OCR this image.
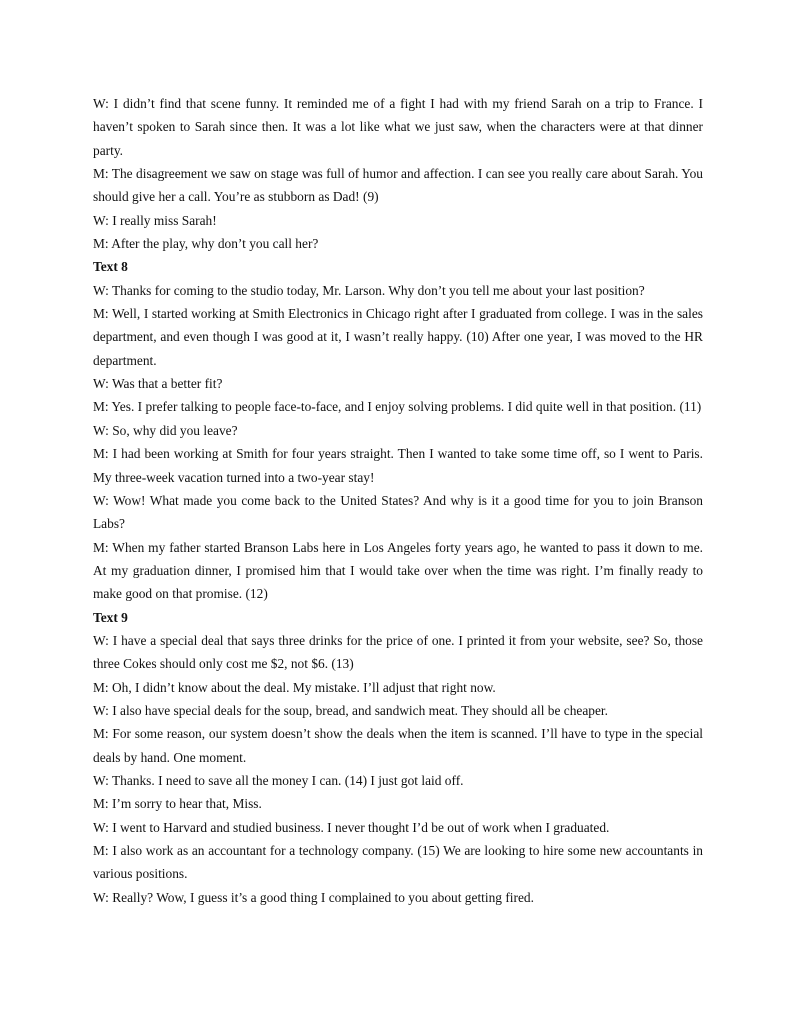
W: I didn’t find that scene funny. It reminded me of a fight I had with my friend Sarah on a trip to France. I haven’t spoken to Sarah since then. It was a lot like what we just saw, when the characters were at that dinner party.

M: The disagreement we saw on stage was full of humor and affection. I can see you really care about Sarah. You should give her a call. You’re as stubborn as Dad! (9)

W: I really miss Sarah!

M: After the play, why don’t you call her?

Text 8

W: Thanks for coming to the studio today, Mr. Larson. Why don’t you tell me about your last position?

M: Well, I started working at Smith Electronics in Chicago right after I graduated from college. I was in the sales department, and even though I was good at it, I wasn’t really happy. (10) After one year, I was moved to the HR department.

W: Was that a better fit?

M: Yes. I prefer talking to people face-to-face, and I enjoy solving problems. I did quite well in that position. (11)

W: So, why did you leave?

M: I had been working at Smith for four years straight. Then I wanted to take some time off, so I went to Paris. My three-week vacation turned into a two-year stay!

W: Wow! What made you come back to the United States? And why is it a good time for you to join Branson Labs?

M: When my father started Branson Labs here in Los Angeles forty years ago, he wanted to pass it down to me. At my graduation dinner, I promised him that I would take over when the time was right. I’m finally ready to make good on that promise. (12)

Text 9

W: I have a special deal that says three drinks for the price of one. I printed it from your website, see? So, those three Cokes should only cost me $2, not $6. (13)

M: Oh, I didn’t know about the deal. My mistake. I’ll adjust that right now.

W: I also have special deals for the soup, bread, and sandwich meat. They should all be cheaper.

M: For some reason, our system doesn’t show the deals when the item is scanned. I’ll have to type in the special deals by hand. One moment.

W: Thanks. I need to save all the money I can. (14) I just got laid off.

M: I’m sorry to hear that, Miss.

W: I went to Harvard and studied business. I never thought I’d be out of work when I graduated.

M: I also work as an accountant for a technology company. (15) We are looking to hire some new accountants in various positions.

W: Really? Wow, I guess it’s a good thing I complained to you about getting fired.
